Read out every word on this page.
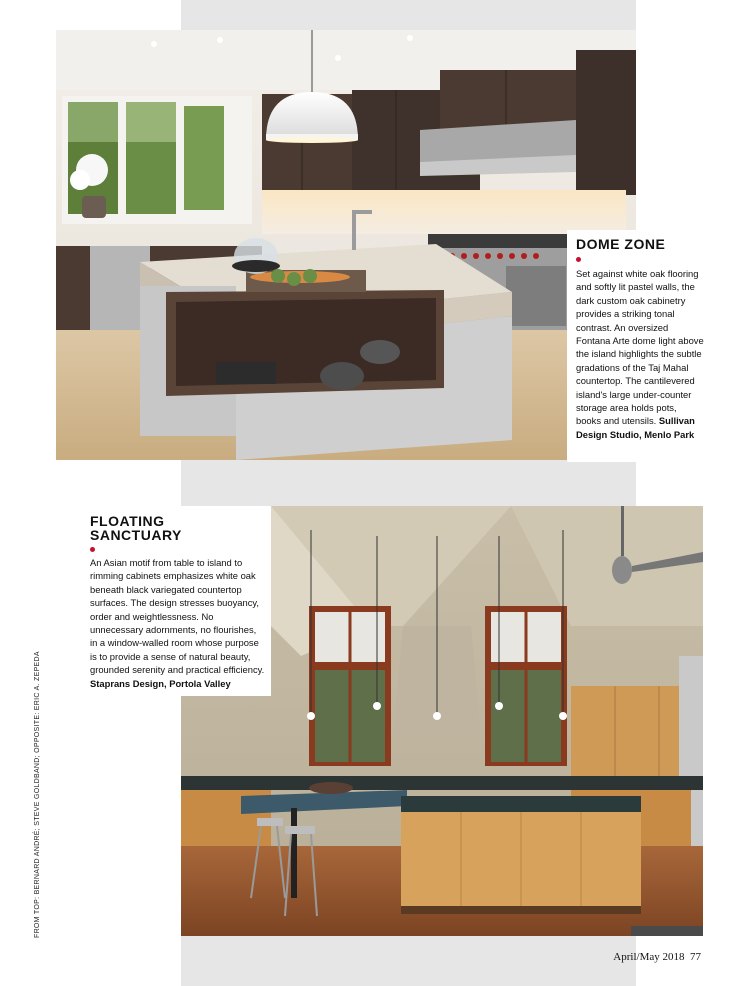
DOME ZONE
Set against white oak flooring and softly lit pastel walls, the dark custom oak cabinetry provides a striking tonal contrast. An oversized Fontana Arte dome light above the island highlights the subtle gradations of the Taj Mahal countertop. The cantilevered island's large under-counter storage area holds pots, books and utensils. Sullivan Design Studio, Menlo Park
FLOATING
SANCTUARY
An Asian motif from table to island to rimming cabinets emphasizes white oak beneath black variegated countertop surfaces. The design stresses buoyancy, order and weightlessness. No unnecessary adornments, no flourishes, in a window-walled room whose purpose is to provide a sense of natural beauty, grounded serenity and practical efficiency. Staprans Design, Portola Valley
FROM TOP: BERNARD ANDRÉ; STEVE GOLDBAND; OPPOSITE: ERIC A. ZEPEDA
April/May 2018 77
